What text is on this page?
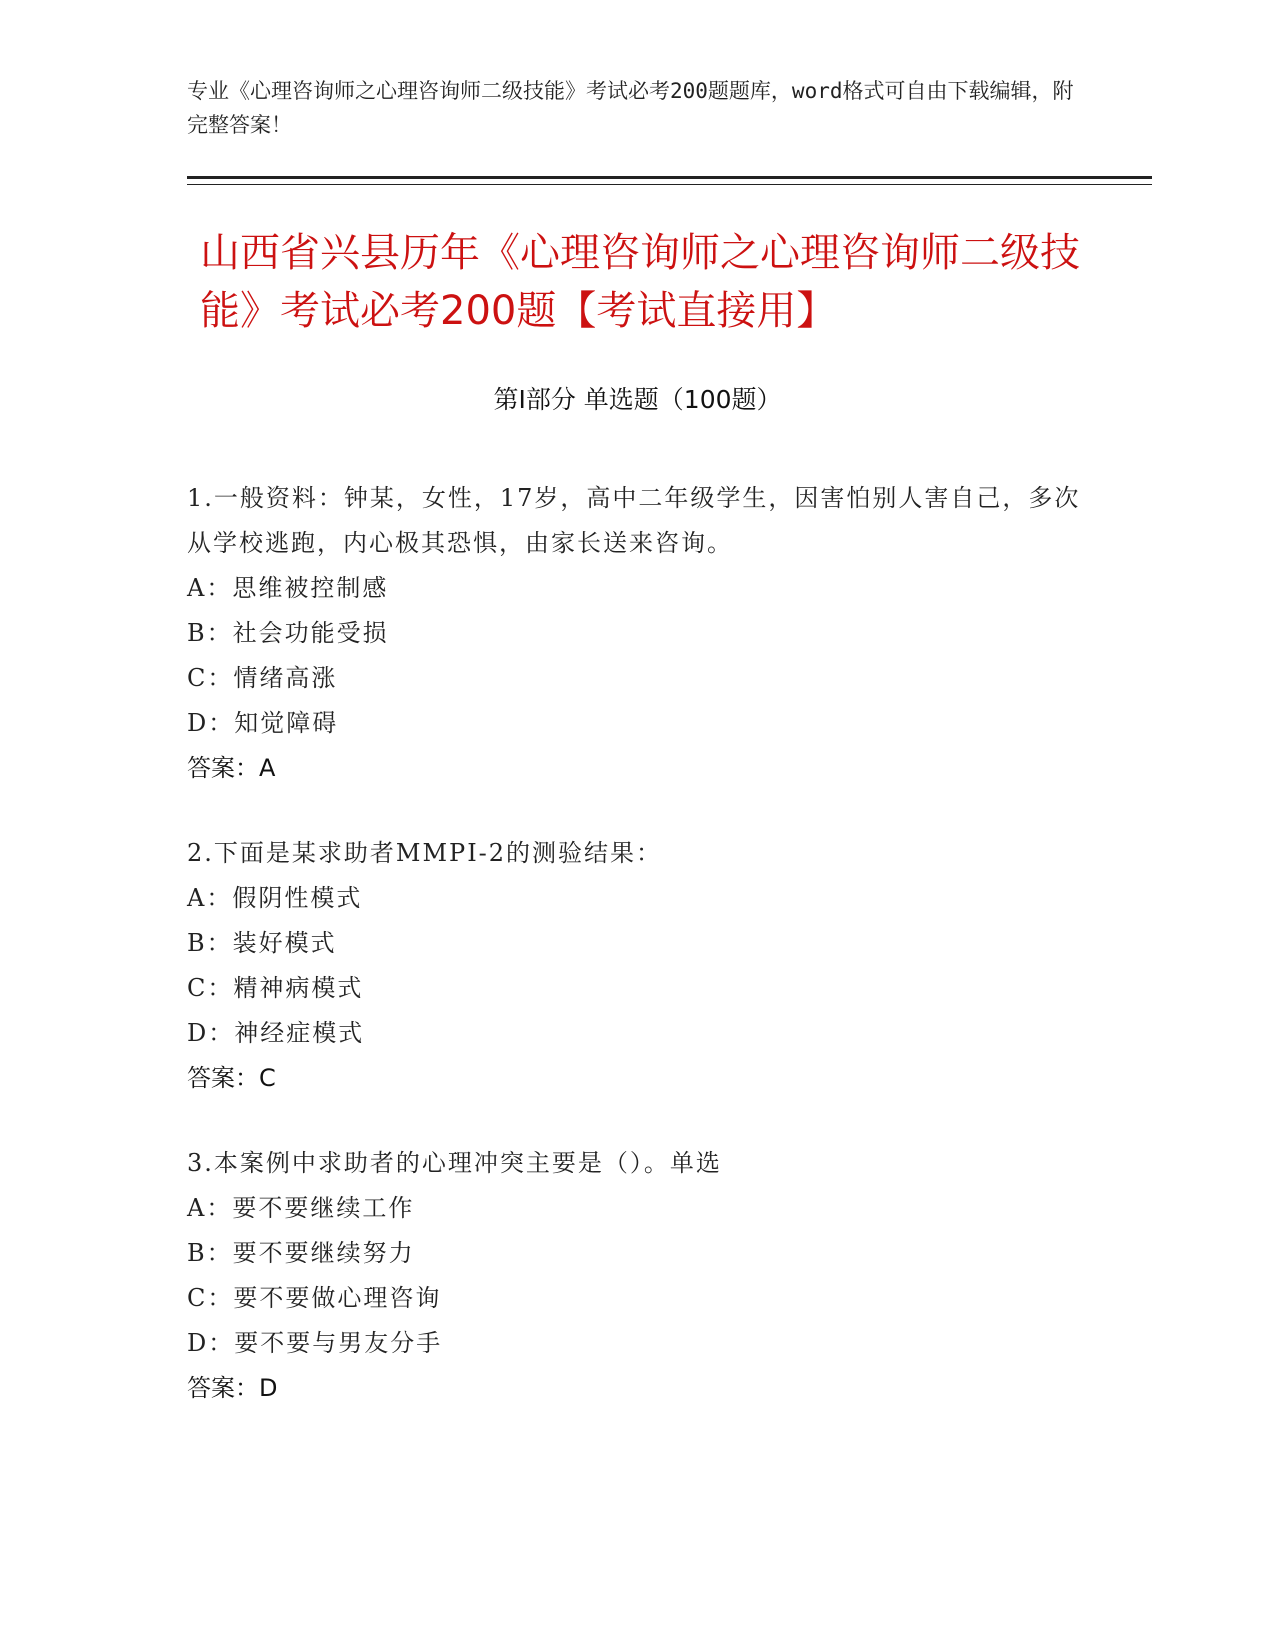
专业《心理咨询师之心理咨询师二级技能》考试必考200题题库，word格式可自由下载编辑，附完整答案！
山西省兴县历年《心理咨询师之心理咨询师二级技能》考试必考200题【考试直接用】
第Ⅰ部分 单选题（100题）
1.一般资料：钟某，女性，17岁，高中二年级学生，因害怕别人害自己，多次从学校逃跑，内心极其恐惧，由家长送来咨询。
A：思维被控制感
B：社会功能受损
C：情绪高涨
D：知觉障碍
答案：A
2.下面是某求助者MMPI-2的测验结果：
A：假阴性模式
B：装好模式
C：精神病模式
D：神经症模式
答案：C
3.本案例中求助者的心理冲突主要是（）。单选
A：要不要继续工作
B：要不要继续努力
C：要不要做心理咨询
D：要不要与男友分手
答案：D
